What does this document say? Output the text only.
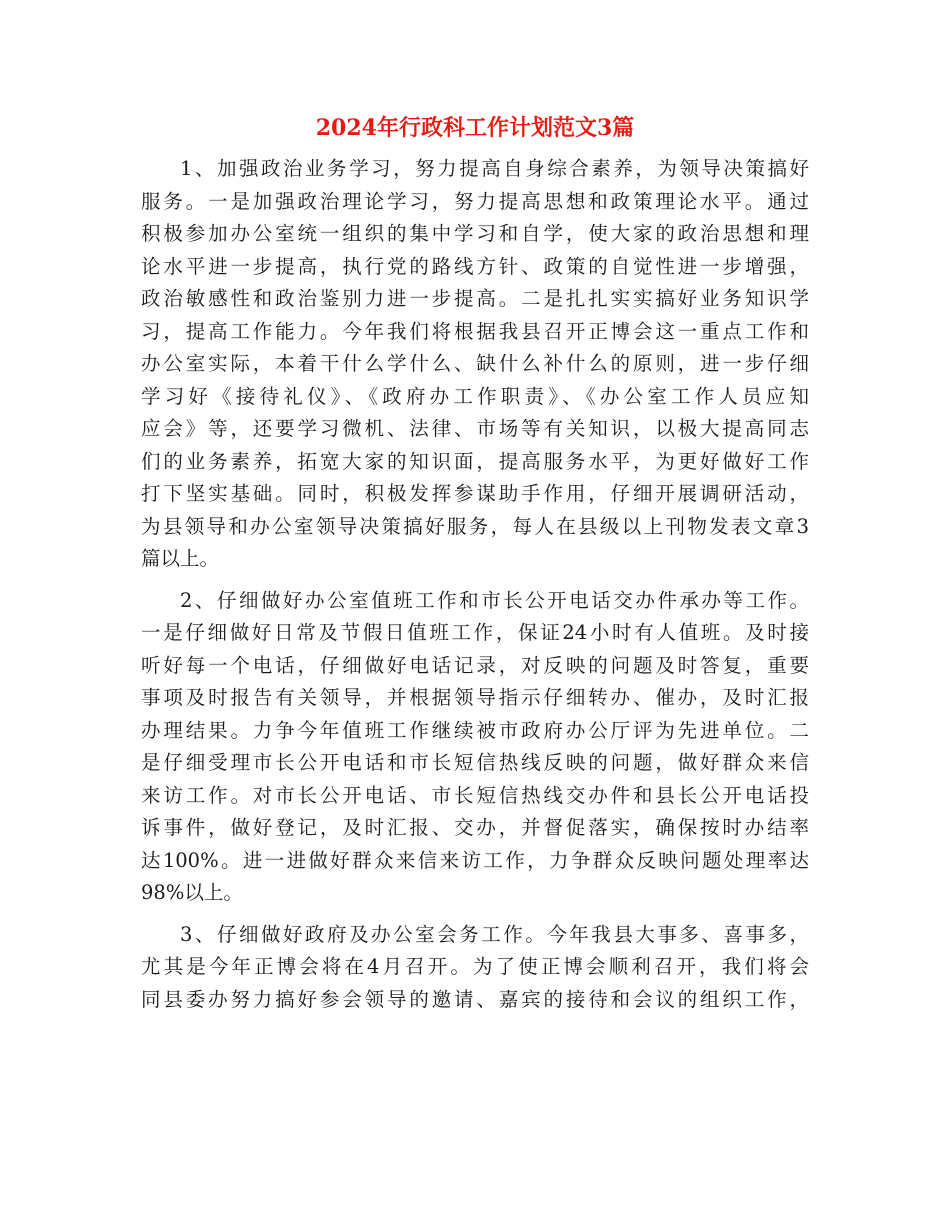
2024年行政科工作计划范文3篇
1、加强政治业务学习，努力提高自身综合素养，为领导决策搞好
服务。一是加强政治理论学习，努力提高思想和政策理论水平。通过
积极参加办公室统一组织的集中学习和自学，使大家的政治思想和理
论水平进一步提高，执行党的路线方针、政策的自觉性进一步增强，
政治敏感性和政治鉴别力进一步提高。二是扎扎实实搞好业务知识学
习，提高工作能力。今年我们将根据我县召开正博会这一重点工作和
办公室实际，本着干什么学什么、缺什么补什么的原则，进一步仔细
学习好《接待礼仪》、《政府办工作职责》、《办公室工作人员应知
应会》等，还要学习微机、法律、市场等有关知识，以极大提高同志
们的业务素养，拓宽大家的知识面，提高服务水平，为更好做好工作
打下坚实基础。同时，积极发挥参谋助手作用，仔细开展调研活动，
为县领导和办公室领导决策搞好服务，每人在县级以上刊物发表文章3
篇以上。
2、仔细做好办公室值班工作和市长公开电话交办件承办等工作。
一是仔细做好日常及节假日值班工作，保证24小时有人值班。及时接
听好每一个电话，仔细做好电话记录，对反映的问题及时答复，重要
事项及时报告有关领导，并根据领导指示仔细转办、催办，及时汇报
办理结果。力争今年值班工作继续被市政府办公厅评为先进单位。二
是仔细受理市长公开电话和市长短信热线反映的问题，做好群众来信
来访工作。对市长公开电话、市长短信热线交办件和县长公开电话投
诉事件，做好登记，及时汇报、交办，并督促落实，确保按时办结率
达100%。进一进做好群众来信来访工作，力争群众反映问题处理率达
98%以上。
3、仔细做好政府及办公室会务工作。今年我县大事多、喜事多，
尤其是今年正博会将在4月召开。为了使正博会顺利召开，我们将会
同县委办努力搞好参会领导的邀请、嘉宾的接待和会议的组织工作，
